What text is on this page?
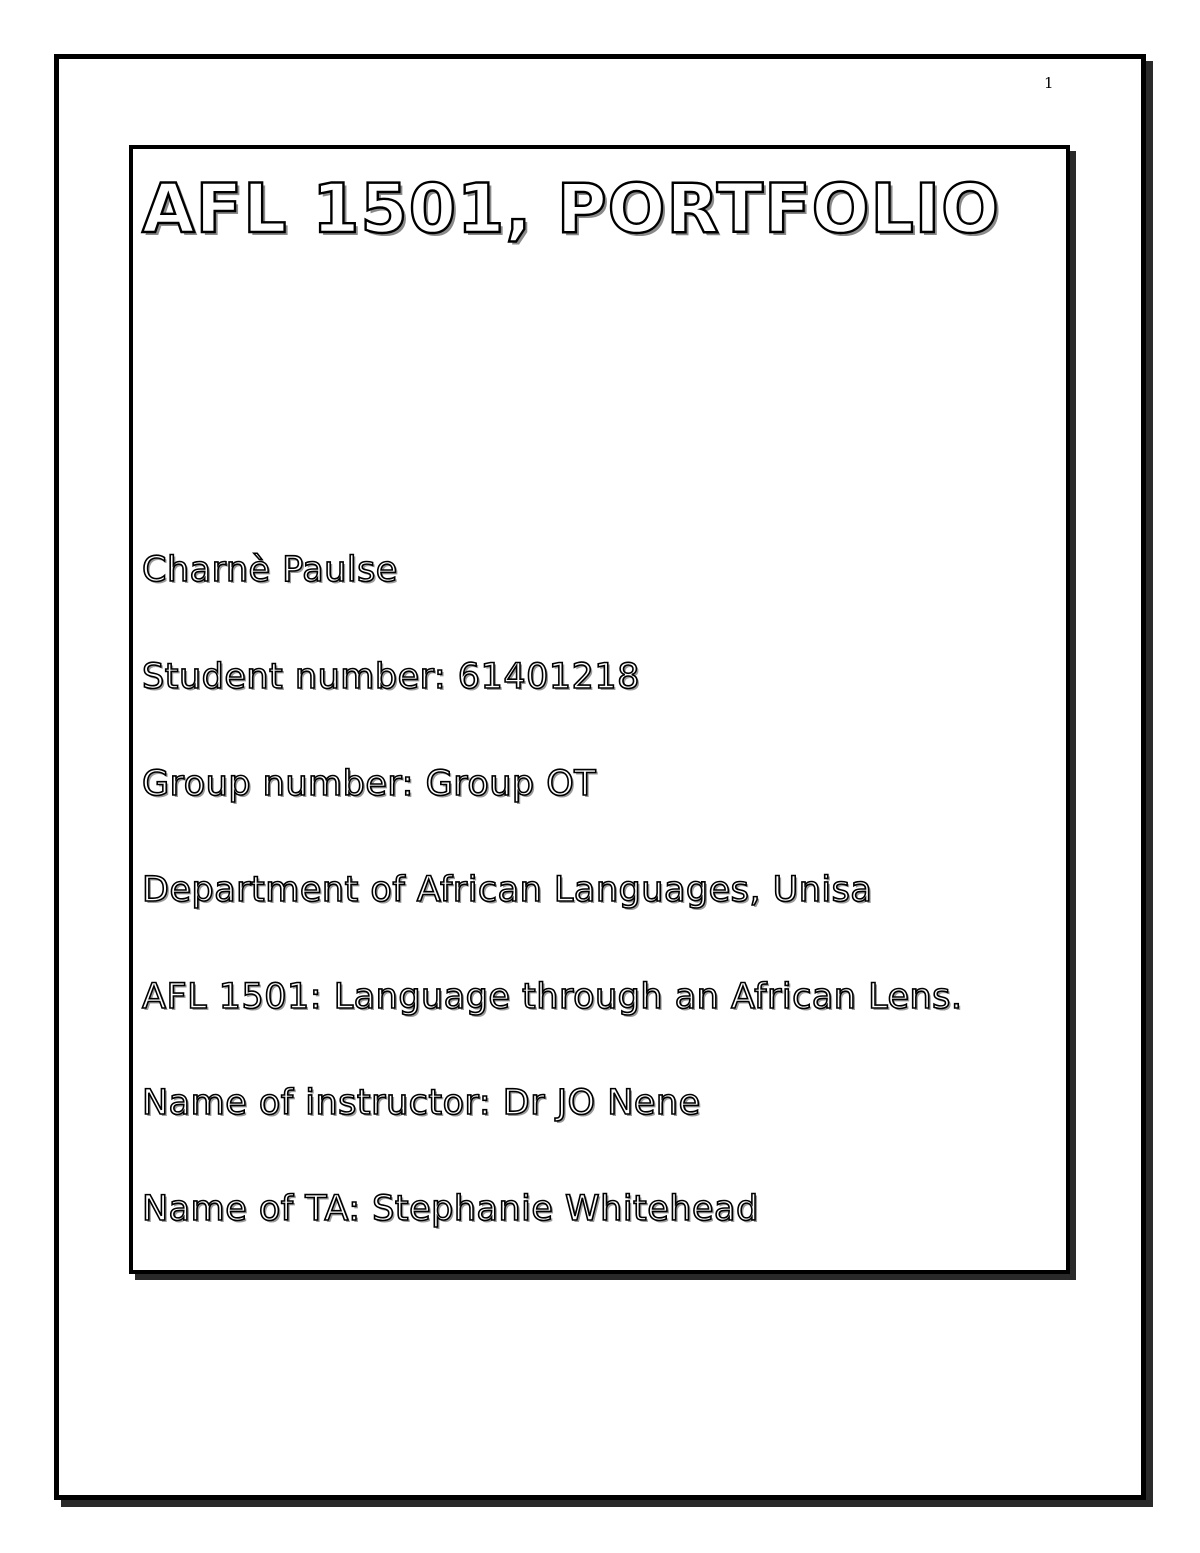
1
AFL 1501, PORTFOLIO

Charnè Paulse

Student number: 61401218

Group number: Group OT

Department of African Languages, Unisa

AFL 1501: Language through an African Lens.

Name of instructor: Dr JO Nene

Name of TA: Stephanie Whitehead
